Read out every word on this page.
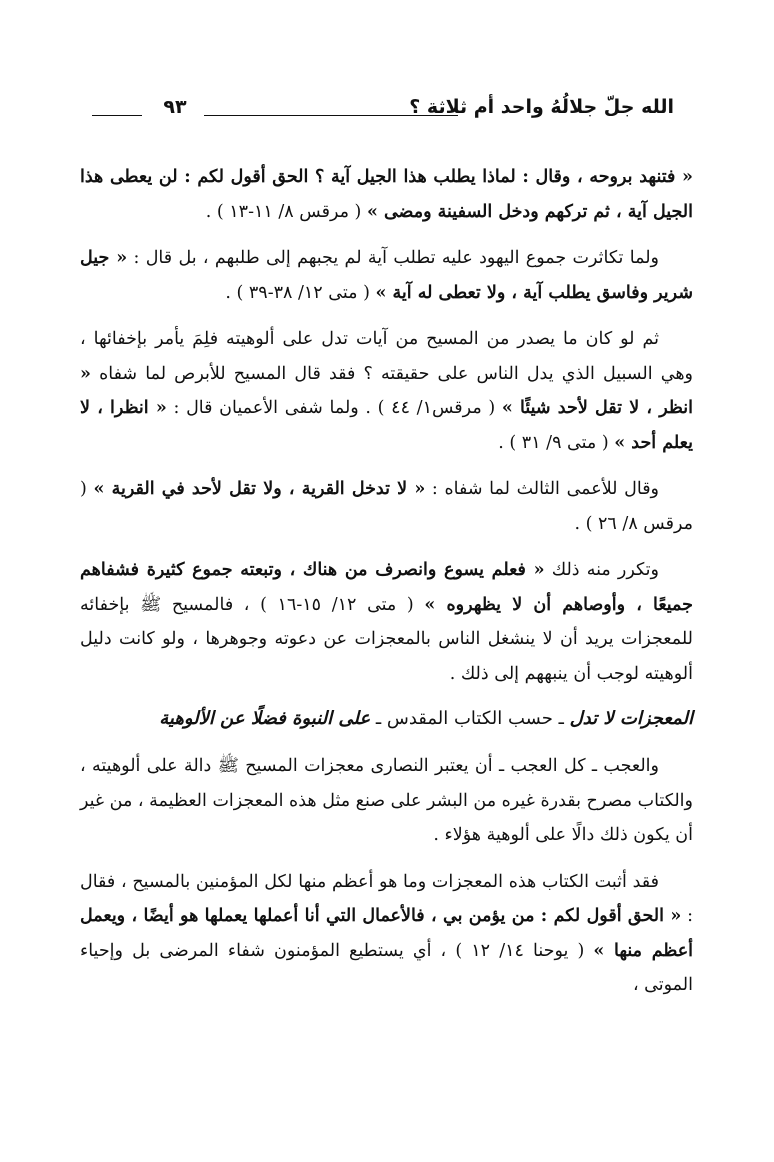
٩٣	الله جلّ جلالُهُ واحد أم ثلاثة ؟

« فتنهد بروحه ، وقال : لماذا يطلب هذا الجيل آية ؟ الحق أقول لكم : لن يعطى هذا الجيل آية ، ثم تركهم ودخل السفينة ومضى » ( مرقس ٨/ ١١-١٣ ) .

ولما تكاثرت جموع اليهود عليه تطلب آية لم يجبهم إلى طلبهم ، بل قال : « جيل شرير وفاسق يطلب آية ، ولا تعطى له آية » ( متى ١٢/ ٣٨-٣٩ ) .

ثم لو كان ما يصدر من المسيح من آيات تدل على ألوهيته فلِمَ يأمر بإخفائها ، وهي السبيل الذي يدل الناس على حقيقته ؟ فقد قال المسيح للأبرص لما شفاه « انظر ، لا تقل لأحد شيئًا » ( مرقس١/ ٤٤ ) . ولما شفى الأعميان قال : « انظرا ، لا يعلم أحد » ( متى ٩/ ٣١ ) .

وقال للأعمى الثالث لما شفاه : « لا تدخل القرية ، ولا تقل لأحد في القرية » ( مرقس ٨/ ٢٦ ) .

وتكرر منه ذلك « فعلم يسوع وانصرف من هناك ، وتبعته جموع كثيرة فشفاهم جميعًا ، وأوصاهم أن لا يظهروه » ( متى ١٢/ ١٥-١٦ ) ، فالمسيح ﷺ بإخفائه للمعجزات يريد أن لا ينشغل الناس بالمعجزات عن دعوته وجوهرها ، ولو كانت دليل ألوهيته لوجب أن ينبههم إلى ذلك .

المعجزات لا تدل ـ حسب الكتاب المقدس ـ على النبوة فضلًا عن الألوهية

والعجب ـ كل العجب ـ أن يعتبر النصارى معجزات المسيح ﷺ دالة على ألوهيته ، والكتاب مصرح بقدرة غيره من البشر على صنع مثل هذه المعجزات العظيمة ، من غير أن يكون ذلك دالًا على ألوهية هؤلاء .

فقد أثبت الكتاب هذه المعجزات وما هو أعظم منها لكل المؤمنين بالمسيح ، فقال : « الحق أقول لكم : من يؤمن بي ، فالأعمال التي أنا أعملها يعملها هو أيضًا ، ويعمل أعظم منها » ( يوحنا ١٤/ ١٢ ) ، أي يستطيع المؤمنون شفاء المرضى بل وإحياء الموتى ،
